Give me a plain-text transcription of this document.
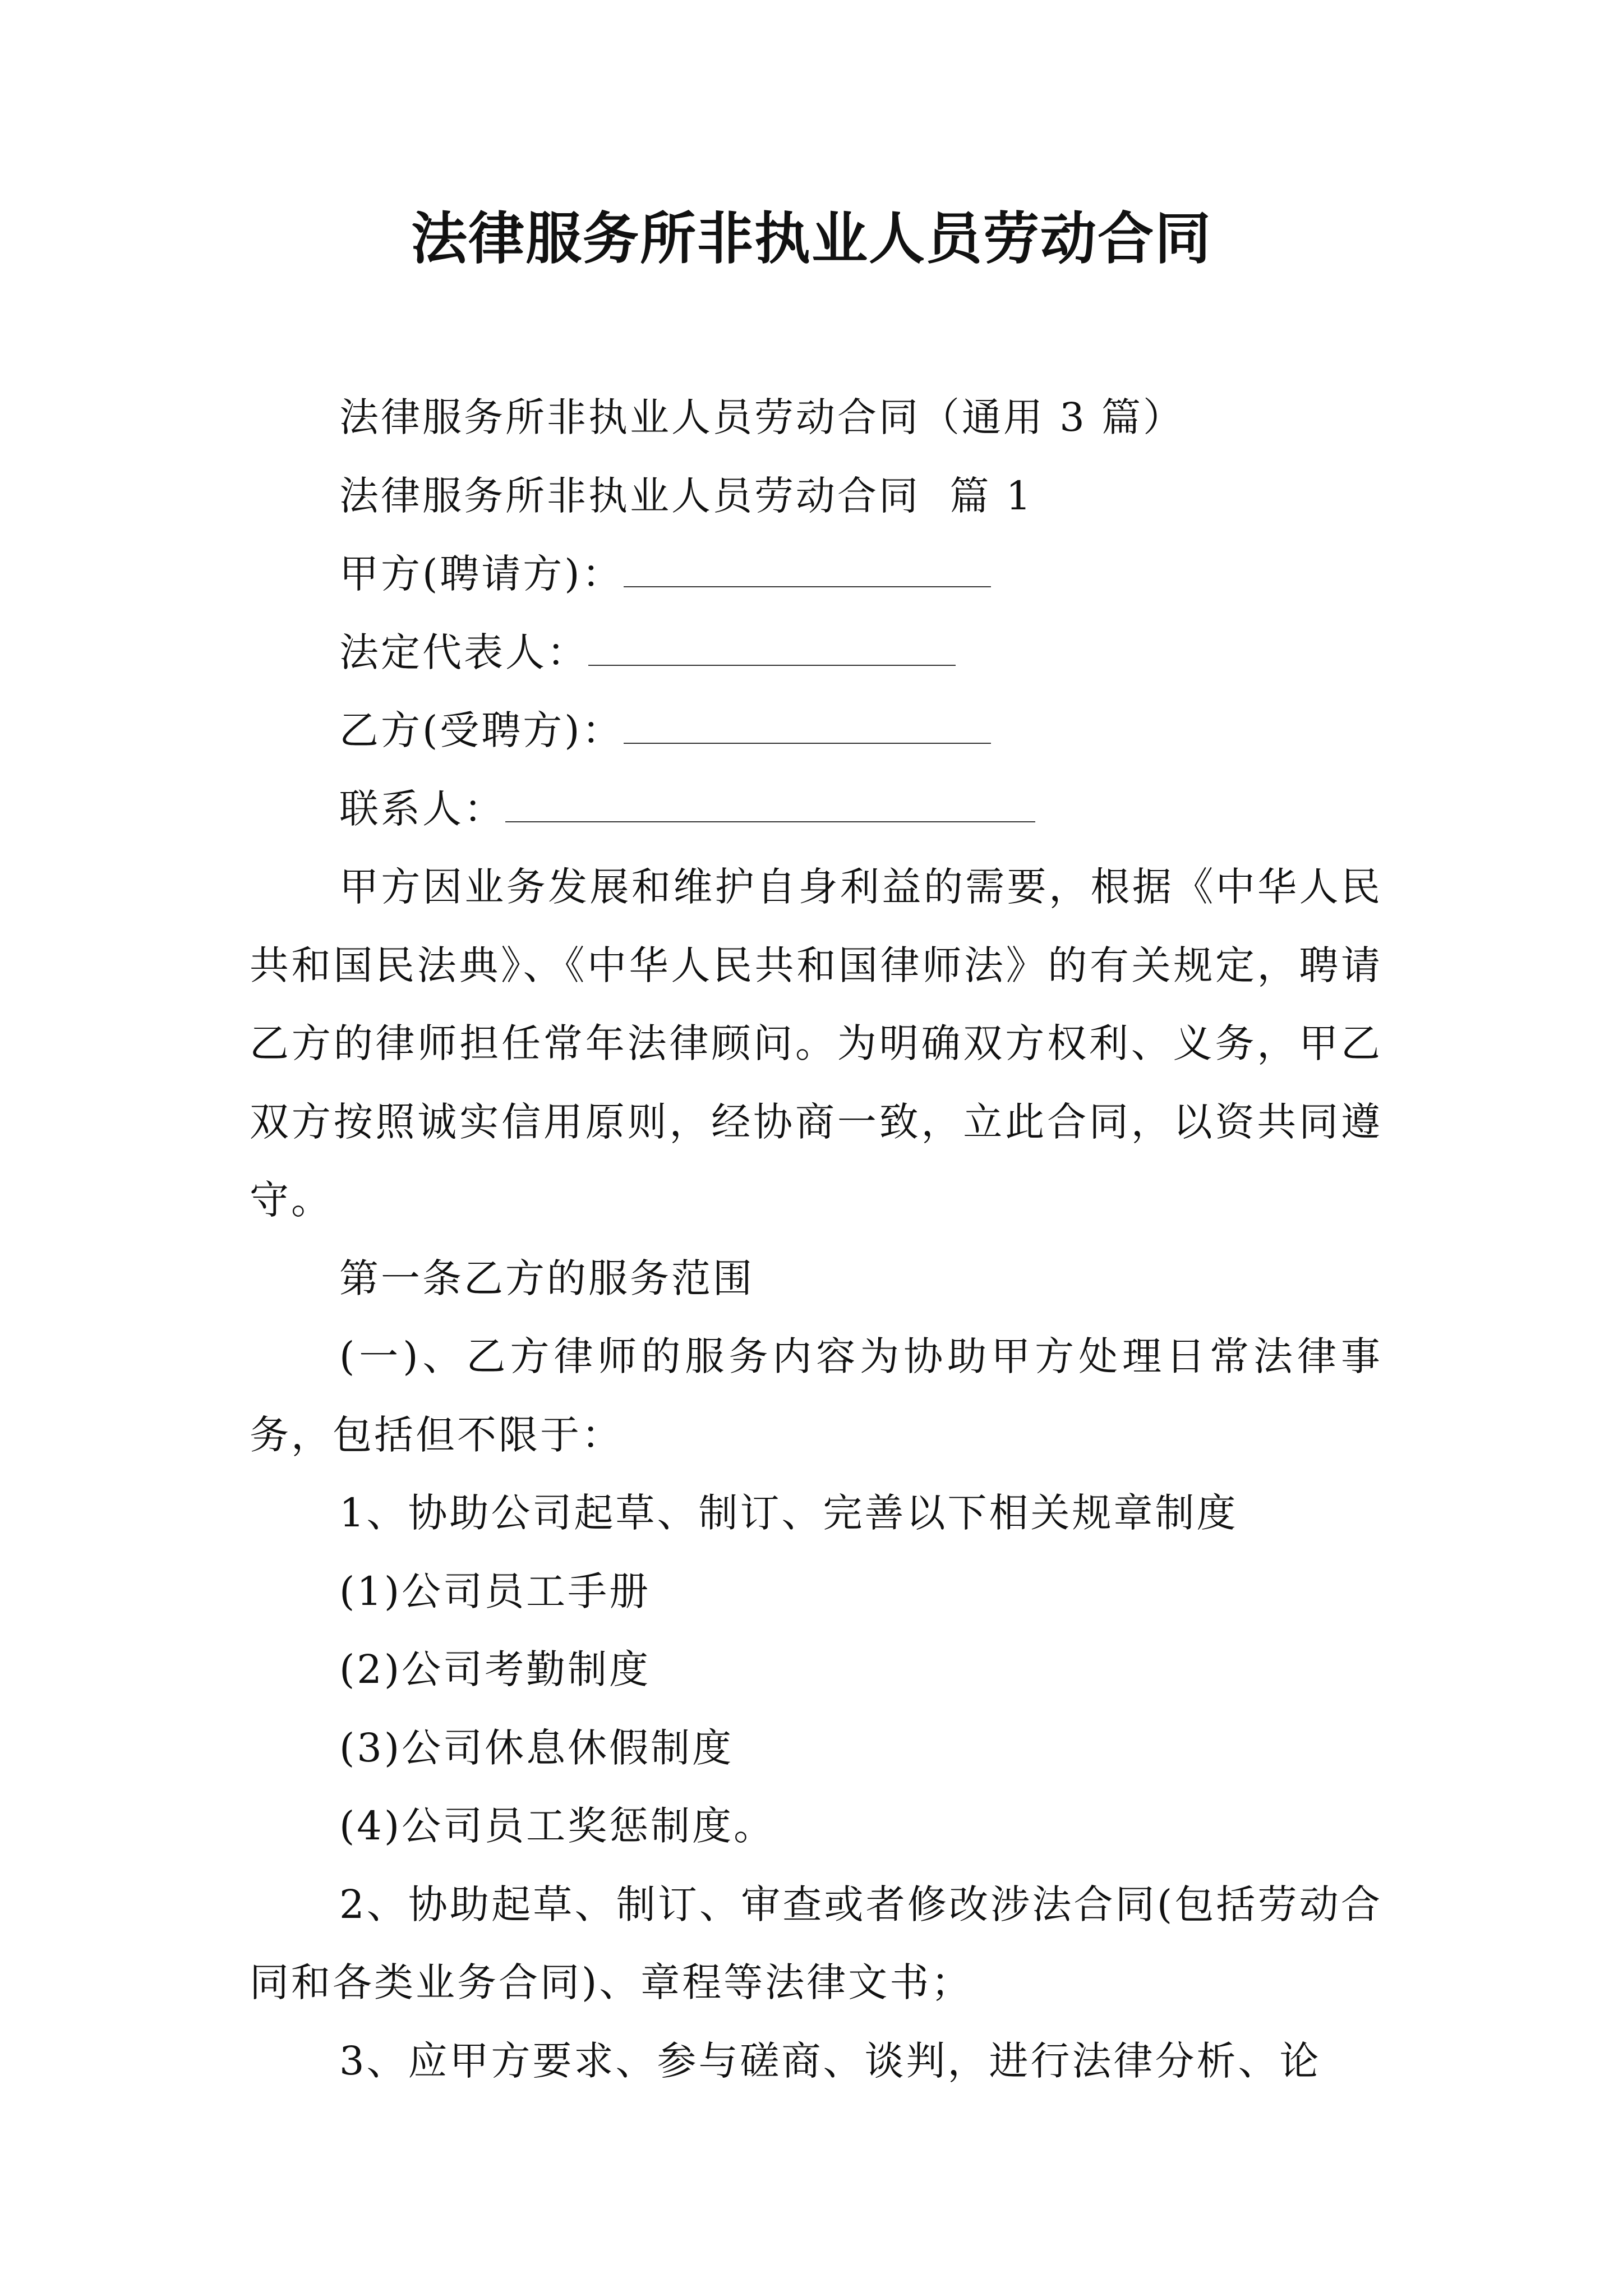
法律服务所非执业人员劳动合同

法律服务所非执业人员劳动合同（通用 3 篇）

法律服务所非执业人员劳动合同  篇 1

甲方(聘请方)：

法定代表人：

乙方(受聘方)：

联系人：

甲方因业务发展和维护自身利益的需要，根据《中华人民共和国民法典》、《中华人民共和国律师法》的有关规定，聘请乙方的律师担任常年法律顾问。为明确双方权利、义务，甲乙双方按照诚实信用原则，经协商一致，立此合同，以资共同遵守。

第一条乙方的服务范围

(一)、乙方律师的服务内容为协助甲方处理日常法律事务，包括但不限于：

1、协助公司起草、制订、完善以下相关规章制度

(1)公司员工手册

(2)公司考勤制度

(3)公司休息休假制度

(4)公司员工奖惩制度。

2、协助起草、制订、审查或者修改涉法合同(包括劳动合同和各类业务合同)、章程等法律文书；

3、应甲方要求、参与磋商、谈判，进行法律分析、论
